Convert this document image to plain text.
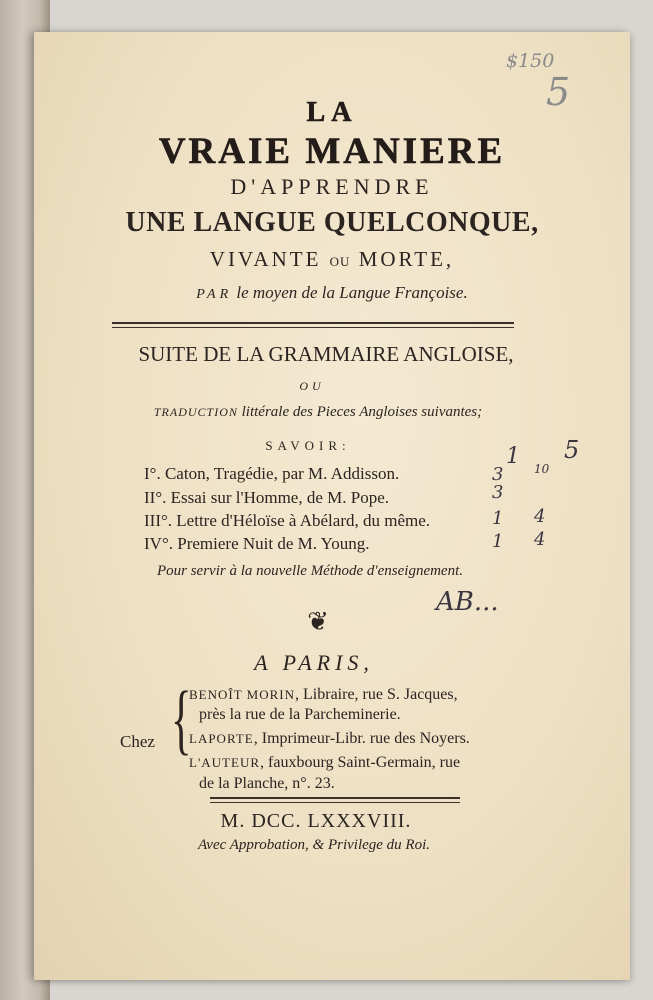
$150
5
LA
VRAIE MANIERE
D'APPRENDRE
UNE LANGUE QUELCONQUE,
VIVANTE OU MORTE,
PAR le moyen de la Langue Françoise.
SUITE DE LA GRAMMAIRE ANGLOISE,
OU
TRADUCTION littérale des Pieces Angloises suivantes;
SAVOIR:
I°. Caton, Tragédie, par M. Addisson.
II°. Essai sur l'Homme, de M. Pope.
III°. Lettre d'Héloïse à Abélard, du même.
IV°. Premiere Nuit de M. Young.
1 5
3	10
3
1 4
1 4
Pour servir à la nouvelle Méthode d'enseignement.
AB...
❦
A PARIS,
Chez {
BENOÎT MORIN, Libraire, rue S. Jacques,
près la rue de la Parcheminerie.
LAPORTE, Imprimeur-Libr. rue des Noyers.
L'AUTEUR, fauxbourg Saint-Germain, rue
de la Planche, n°. 23.
M. DCC. LXXXVIII.
Avec Approbation, & Privilege du Roi.
